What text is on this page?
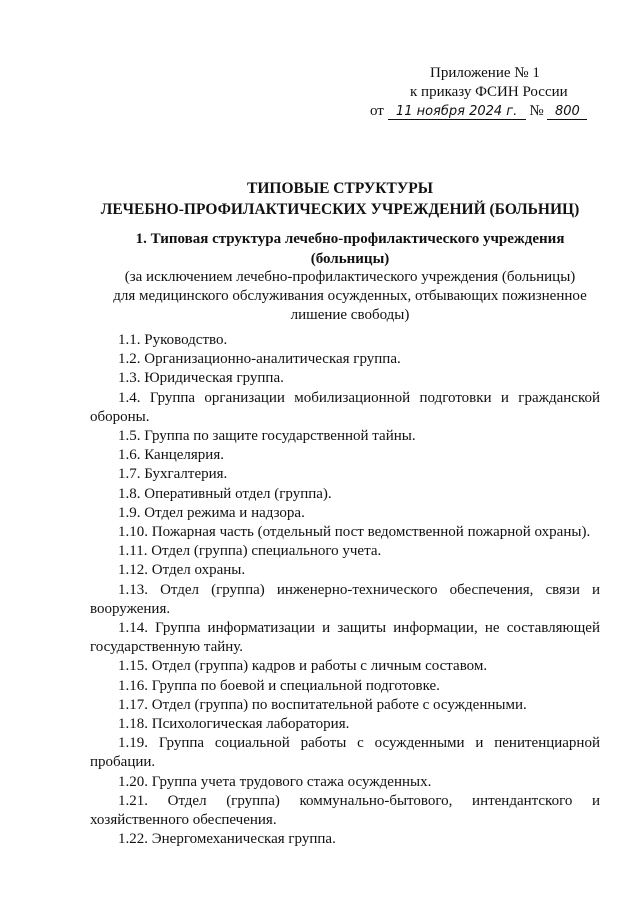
Приложение № 1
к приказу ФСИН России
от 11 ноября 2024 г. № 800
ТИПОВЫЕ СТРУКТУРЫ
ЛЕЧЕБНО-ПРОФИЛАКТИЧЕСКИХ УЧРЕЖДЕНИЙ (БОЛЬНИЦ)
1. Типовая структура лечебно-профилактического учреждения
(больницы)
(за исключением лечебно-профилактического учреждения (больницы)
для медицинского обслуживания осужденных, отбывающих пожизненное
лишение свободы)

1.1. Руководство.

1.2. Организационно-аналитическая группа.

1.3. Юридическая группа.

1.4. Группа организации мобилизационной подготовки и гражданской обороны.

1.5. Группа по защите государственной тайны.

1.6. Канцелярия.

1.7. Бухгалтерия.

1.8. Оперативный отдел (группа).

1.9. Отдел режима и надзора.

1.10. Пожарная часть (отдельный пост ведомственной пожарной охраны).

1.11. Отдел (группа) специального учета.

1.12. Отдел охраны.

1.13. Отдел (группа) инженерно-технического обеспечения, связи и вооружения.

1.14. Группа информатизации и защиты информации, не составляющей государственную тайну.

1.15. Отдел (группа) кадров и работы с личным составом.

1.16. Группа по боевой и специальной подготовке.

1.17. Отдел (группа) по воспитательной работе с осужденными.

1.18. Психологическая лаборатория.

1.19. Группа социальной работы с осужденными и пенитенциарной пробации.

1.20. Группа учета трудового стажа осужденных.

1.21. Отдел (группа) коммунально-бытового, интендантского и хозяйственного обеспечения.

1.22. Энергомеханическая группа.
